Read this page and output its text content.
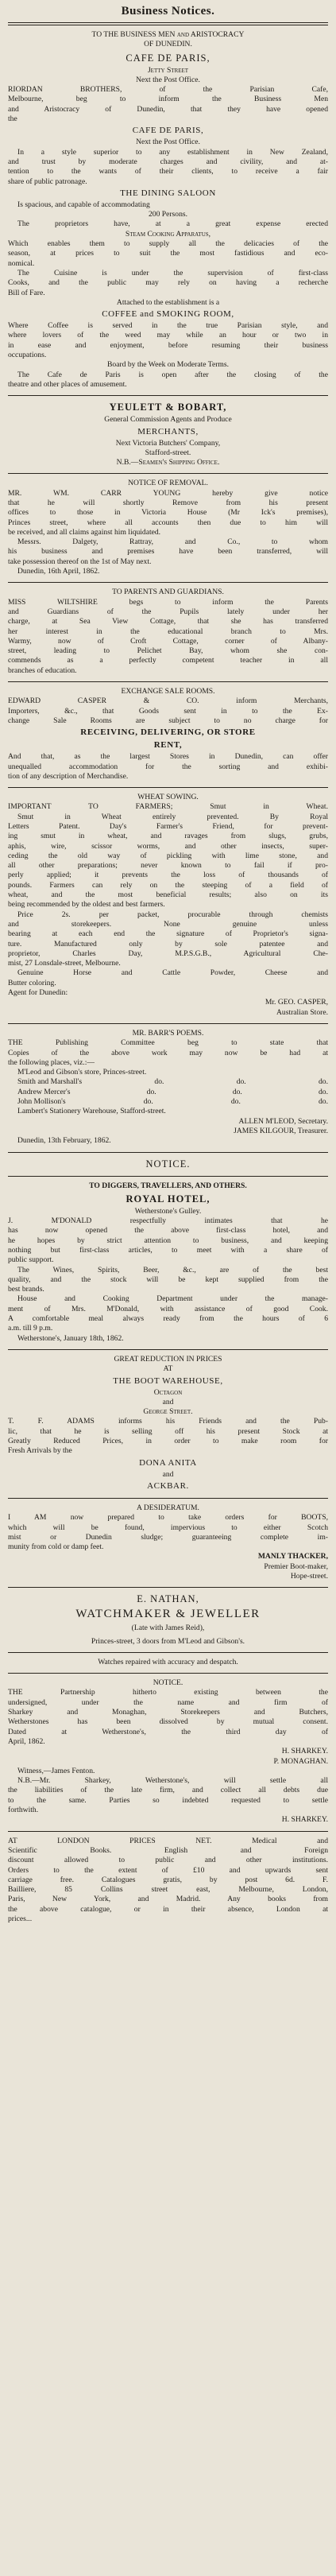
Business Notices.
TO THE BUSINESS MEN and ARISTOCRACY
OF DUNEDIN.
CAFE DE PARIS,
Jetty Street
Next the Post Office.
RIORDAN BROTHERS, of the Parisian Cafe,
Melbourne, beg to inform the Business Men
and Aristocracy of Dunedin, that they have opened
the
CAFE DE PARIS,
Next the Post Office.
In a style superior to any establishment in New Zealand,
and trust by moderate charges and civility, and at-
tention to the wants of their clients, to receive a fair
share of public patronage.
THE DINING SALOON
Is spacious, and capable of accommodating
200 Persons.
The proprietors have, at a great expense erected
Steam Cooking Apparatus,
Which enables them to supply all the delicacies of the
season, at prices to suit the most fastidious and eco-
nomical.
The Cuisine is under the supervision of first-class
Cooks, and the public may rely on having a recherche
Bill of Fare.
Attached to the establishment is a
COFFEE and SMOKING ROOM,
Where Coffee is served in the true Parisian style, and
where lovers of the weed may while an hour or two in
in ease and enjoyment, before resuming their business
occupations.
Board by the Week on Moderate Terms.
The Cafe de Paris is open after the closing of the
theatre and other places of amusement.
YEULETT & BOBART,
General Commission Agents and Produce
MERCHANTS,
Next Victoria Butchers' Company,
Stafford-street.
N.B.—Seamen's Shipping Office.
NOTICE OF REMOVAL.
MR. WM. CARR YOUNG hereby give notice
that he will shortly Remove from his present
offices to those in Victoria House (Mr Ick's premises),
Princes street, where all accounts then due to him will
be received, and all claims against him liquidated.
Messrs. Dalgety, Rattray, and Co., to whom
his business and premises have been transferred, will
take possession thereof on the 1st of May next.
Dunedin, 16th April, 1862.
TO PARENTS AND GUARDIANS.
MISS WILTSHIRE begs to inform the Parents
and Guardians of the Pupils lately under her
charge, at Sea View Cottage, that she has transferred
her interest in the educational branch to Mrs.
Warmy, now of Croft Cottage, corner of Albany-
street, leading to Pelichet Bay, whom she con-
commends as a perfectly competent teacher in all
branches of education.
EXCHANGE SALE ROOMS.
EDWARD CASPER & CO. inform Merchants,
Importers, &c., that Goods sent in to the Ex-
change Sale Rooms are subject to no charge for
RECEIVING, DELIVERING, OR STORE
RENT,
And that, as the largest Stores in Dunedin, can offer
unequalled accommodation for the sorting and exhibi-
tion of any description of Merchandise.
WHEAT SOWING.
IMPORTANT TO FARMERS; Smut in Wheat.
Smut in Wheat entirely prevented. By Royal
Letters Patent. Day's Farmer's Friend, for prevent-
ing smut in wheat, and ravages from slugs, grubs,
aphis, wire, scissor worms, and other insects, super-
ceding the old way of pickling with lime stone, and
all other preparations; never known to fail if pro-
perly applied; it prevents the loss of thousands of
pounds. Farmers can rely on the steeping of a field of
wheat, and the most beneficial results; also on its
being recommended by the oldest and best farmers.
Price 2s. per packet, procurable through chemists
and storekeepers. None genuine unless
bearing at each end the signature of Proprietor's signa-
ture. Manufactured only by sole patentee and
proprietor, Charles Day, M.P.S.G.B., Agricultural Che-
mist, 27 Lonsdale-street, Melbourne.
Genuine Horse and Cattle Powder, Cheese and
Butter coloring.
Agent for Dunedin:
Mr. GEO. CASPER,
Australian Store.
MR. BARR'S POEMS.
THE Publishing Committee beg to state that
Copies of the above work may now be had at
the following places, viz.:—
M'Leod and Gibson's store, Princes-street.
Smith and Marshall's	do.	do.	do.
Andrew Mercer's	do.	do.	do.
John Mollison's	do.	do.	do.
Lambert's Stationery Warehouse, Stafford-street.
ALLEN M'LEOD, Secretary.
JAMES KILGOUR, Treasurer.
Dunedin, 13th February, 1862.
NOTICE.
TO DIGGERS, TRAVELLERS, AND OTHERS.
ROYAL HOTEL,
Wetherstone's Gulley.
J. M'DONALD respectfully intimates that he
has now opened the above first-class hotel, and
he hopes by strict attention to business, and keeping
nothing but first-class articles, to meet with a share of
public support.
The Wines, Spirits, Beer, &c., are of the best
quality, and the stock will be kept supplied from the
best brands.
House and Cooking Department under the manage-
ment of Mrs. M'Donald, with assistance of good Cook.
A comfortable meal always ready from the hours of 6
a.m. till 9 p.m.
Wetherstone's, January 18th, 1862.
GREAT REDUCTION IN PRICES
AT
THE BOOT WAREHOUSE,
Octagon
and
George Street.
T. F. ADAMS informs his Friends and the Pub-
lic, that he is selling off his present Stock at
Greatly Reduced Prices, in order to make room for
Fresh Arrivals by the
DONA ANITA
and
ACKBAR.
A DESIDERATUM.
I AM now prepared to take orders for BOOTS,
which will be found, impervious to either Scotch
mist or Dunedin sludge; guaranteeing complete im-
munity from cold or damp feet.
MANLY THACKER,
Premier Boot-maker,
Hope-street.
E. NATHAN,
WATCHMAKER & JEWELLER
(Late with James Reid),
Princes-street, 3 doors from M'Leod and Gibson's.
Watches repaired with accuracy and despatch.
NOTICE.
THE Partnership hitherto existing between the
undersigned, under the name and firm of
Sharkey and Monaghan, Storekeepers and Butchers,
Wetherstones has been dissolved by mutual consent.
Dated at Wetherstone's, the third day of
April, 1862.
H. SHARKEY.
P. MONAGHAN.
Witness,—James Fenton.
N.B.—Mr. Sharkey, Wetherstone's, will settle all
the liabilities of the late firm, and collect all debts due
to the same. Parties so indebted requested to settle
forthwith.
H. SHARKEY.
AT LONDON PRICES NET. Medical and
Scientific Books. English and Foreign
discount allowed to public and other institutions.
Orders to the extent of £10 and upwards sent
carriage free. Catalogues gratis, by post 6d. F.
Bailliere, 85 Collins street east, Melbourne, London,
Paris, New York, and Madrid. Any books from
the above catalogue, or in their absence, London at
prices...
